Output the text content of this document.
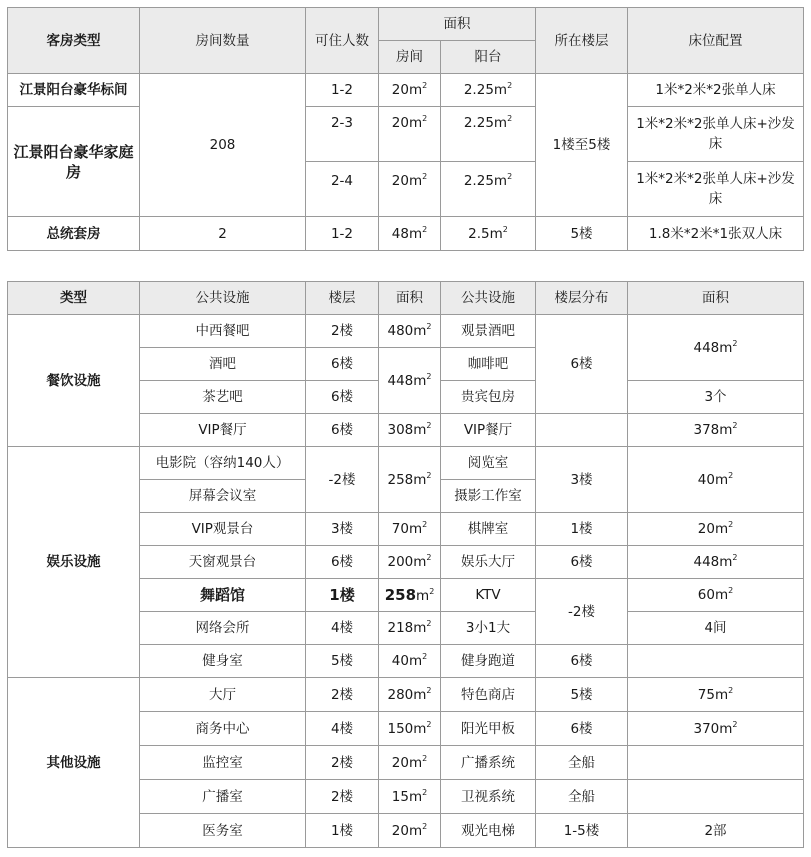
客房类型	房间数量	可住人数	面积		所在楼层	床位配置
			房间	阳台		
江景阳台豪华标间	208	1-2	$20m^2$	$2.25m^2$	1楼至5楼	1米*2米*2张单人床
江景阳台豪华家庭房		2-3	$20m^2$	$2.25m^2$		1米*2米*2张单人床+沙发床
		2-4	$20m^2$	$2.25m^2$		1米*2米*2张单人床+沙发床
总统套房	2	1-2	$48m^2$	$2.5m^2$	5楼	1.8米*2米*1张双人床
类型	公共设施	楼层	面积	公共设施	楼层分布	面积
餐饮设施	中西餐吧	2楼	$480m^2$	观景酒吧	6楼	$448m^2$
	酒吧	6楼	$448m^2$	咖啡吧		
	茶艺吧	6楼		贵宾包房		3个
	VIP餐厅	6楼	$308m^2$	VIP餐厅		$378m^2$
娱乐设施	电影院（容纳140人）	-2楼	$258m^2$	阅览室	3楼	$40m^2$
	屏幕会议室			摄影工作室		
	VIP观景台	3楼	$70m^2$	棋牌室	1楼	$20m^2$
	天窗观景台	6楼	$200m^2$	娱乐大厅	6楼	$448m^2$
	舞蹈馆	1楼	$258m^2$	KTV	-2楼	$60m^2$
	网络会所	4楼	$218m^2$	3小1大		4间
	健身室	5楼	$40m^2$	健身跑道	6楼	
其他设施	大厅	2楼	$280m^2$	特色商店	5楼	$75m^2$
	商务中心	4楼	$150m^2$	阳光甲板	6楼	$370m^2$
	监控室	2楼	$20m^2$	广播系统	全船	
	广播室	2楼	$15m^2$	卫视系统	全船	
	医务室	1楼	$20m^2$	观光电梯	1-5楼	2部
